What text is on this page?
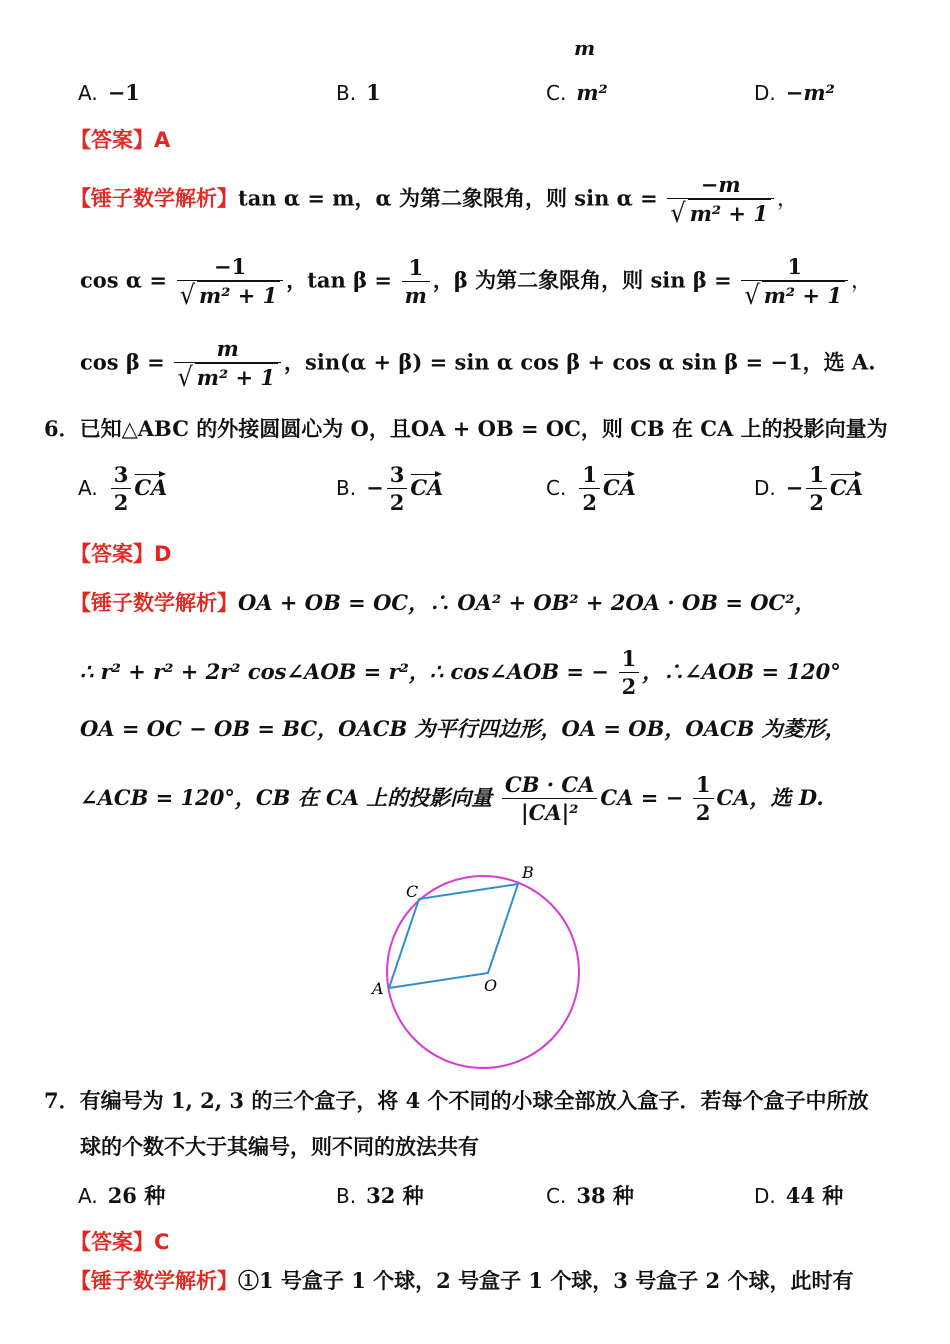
m
A. −1	B. 1	C. m²	D. −m²
【答案】A
【锤子数学解析】tan α = m，α 为第二象限角，则 $\sin \alpha = \frac{-m}{\text{√ m² + 1}}$ ，
$\cos \alpha = \frac{-1}{\text{√ m² + 1}}$ ，$\tan \beta = \frac{1}{m}$ ，β 为第二象限角，则 $\sin \beta = \frac{1}{\text{√ m² + 1}}$ ，
$\cos \beta = \frac{m}{\text{√ m² + 1}}$ ，sin(α + β) = sin α cos β + cos α sin β = −1，选 A.
6．已知△ABC 的外接圆圆心为 O，且OA + OB = OC，则 CB 在 CA 上的投影向量为
A. $\frac{3}{2}$ CA	B. − $\frac{3}{2}$ CA	C. $\frac{1}{2}$ CA	D. − $\frac{1}{2}$ CA
【答案】D
【锤子数学解析】OA + OB = OC，∴ OA² + OB² + 2OA · OB = OC²，
∴ r² + r² + 2r² cos∠AOB = r²，∴ cos∠AOB = − $\frac{1}{2}$ ，∴∠AOB = 120°
OA = OC − OB = BC，OACB 为平行四边形，OA = OB，OACB 为菱形，
∠ACB = 120°，CB 在 CA 上的投影向量 $\frac{CB \cdot CA}{\text{|CA|²}}$ CA = − $\frac{1}{2}$ CA，选 D.
A
C
B
O
7．有编号为 1, 2, 3 的三个盒子，将 4 个不同的小球全部放入盒子．若每个盒子中所放
球的个数不大于其编号，则不同的放法共有
A. 26 种	B. 32 种	C. 38 种	D. 44 种
【答案】C
【锤子数学解析】①1 号盒子 1 个球，2 号盒子 1 个球，3 号盒子 2 个球，此时有
